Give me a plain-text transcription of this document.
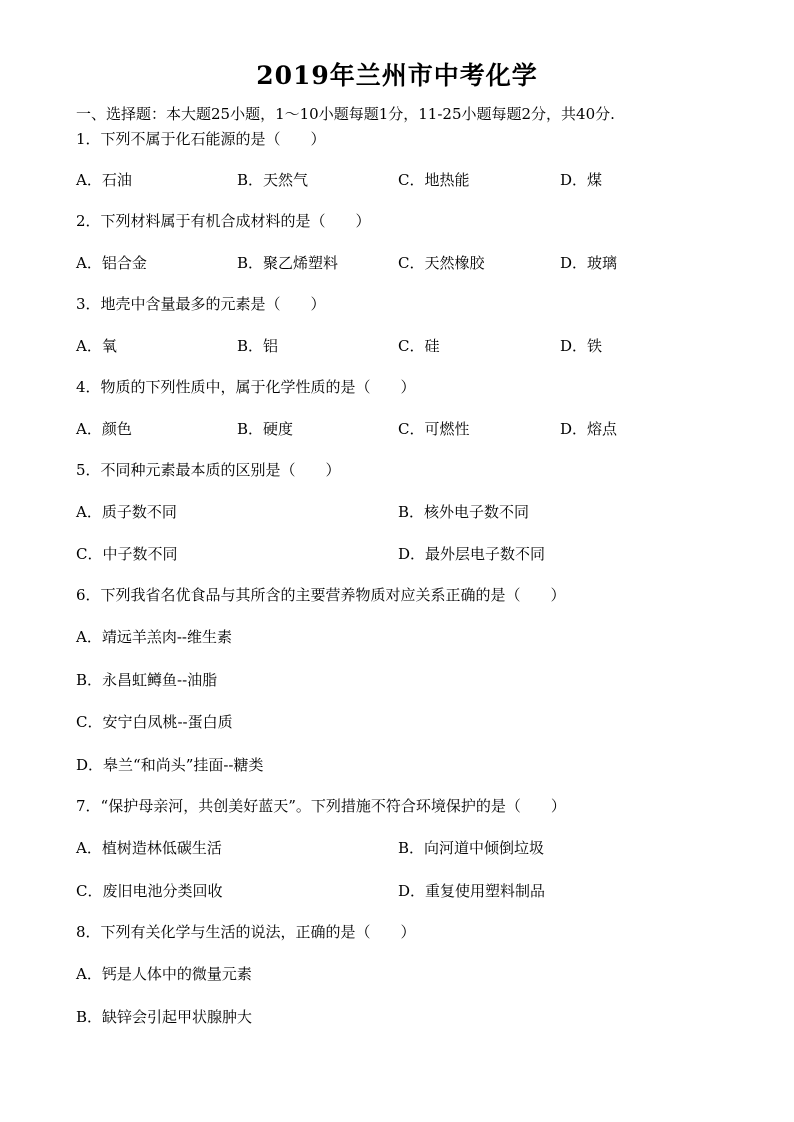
2019年兰州市中考化学
一、选择题：本大题25小题，1～10小题每题1分，11-25小题每题2分，共40分.
1．下列不属于化石能源的是（　　）
A．石油	B．天然气	C．地热能	D．煤
2．下列材料属于有机合成材料的是（　　）
A．铝合金	B．聚乙烯塑料	C．天然橡胶	D．玻璃
3．地壳中含量最多的元素是（　　）
A．氧	B．铝	C．硅	D．铁
4．物质的下列性质中，属于化学性质的是（　　）
A．颜色	B．硬度	C．可燃性	D．熔点
5．不同种元素最本质的区别是（　　）
A．质子数不同	B．核外电子数不同
C．中子数不同	D．最外层电子数不同
6．下列我省名优食品与其所含的主要营养物质对应关系正确的是（　　）
A．靖远羊羔肉--维生素
B．永昌虹鳟鱼--油脂
C．安宁白凤桃--蛋白质
D．皋兰“和尚头”挂面--糖类
7．“保护母亲河，共创美好蓝天”。下列措施不符合环境保护的是（　　）
A．植树造林低碳生活	B．向河道中倾倒垃圾
C．废旧电池分类回收	D．重复使用塑料制品
8．下列有关化学与生活的说法，正确的是（　　）
A．钙是人体中的微量元素
B．缺锌会引起甲状腺肿大
